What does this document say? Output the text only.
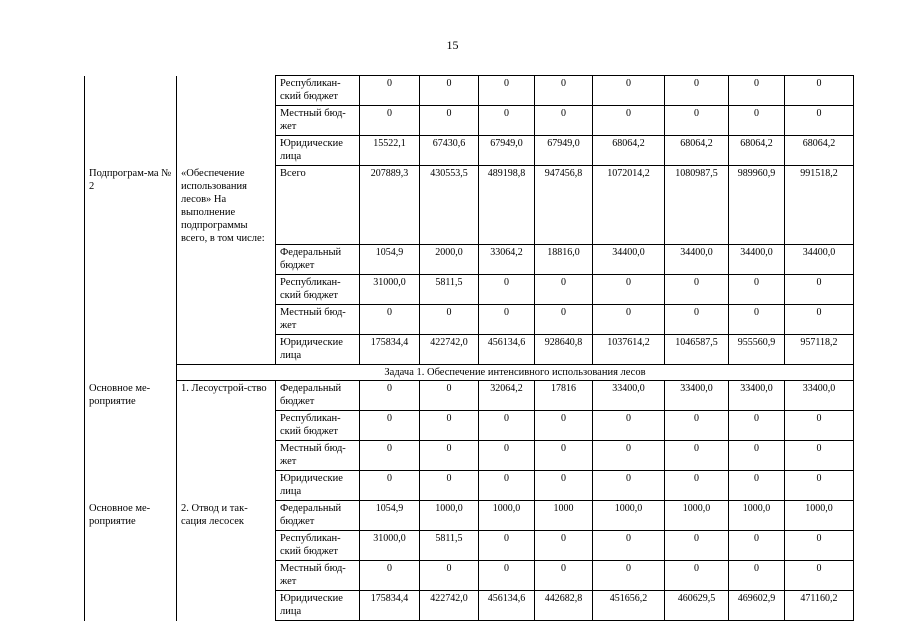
15
		Республикан-ский бюджет	0	0	0	0	0	0	0	0
		Местный бюд-жет	0	0	0	0	0	0	0	0
		Юридические лица	15522,1	67430,6	67949,0	67949,0	68064,2	68064,2	68064,2	68064,2
Подпрограм-ма № 2	«Обеспечение использования лесов» На выполнение подпрограммы всего, в том числе:	Всего	207889,3	430553,5	489198,8	947456,8	1072014,2	1080987,5	989960,9	991518,2
		Федеральный бюджет	1054,9	2000,0	33064,2	18816,0	34400,0	34400,0	34400,0	34400,0
		Республикан-ский бюджет	31000,0	5811,5	0	0	0	0	0	0
		Местный бюд-жет	0	0	0	0	0	0	0	0
		Юридические лица	175834,4	422742,0	456134,6	928640,8	1037614,2	1046587,5	955560,9	957118,2
	Задача 1. Обеспечение интенсивного использования лесов									
Основное ме-роприятие	1. Лесоустрой-ство	Федеральный бюджет	0	0	32064,2	17816	33400,0	33400,0	33400,0	33400,0
		Республикан-ский бюджет	0	0	0	0	0	0	0	0
		Местный бюд-жет	0	0	0	0	0	0	0	0
		Юридические лица	0	0	0	0	0	0	0	0
Основное ме-роприятие	2. Отвод и так-сация лесосек	Федеральный бюджет	1054,9	1000,0	1000,0	1000	1000,0	1000,0	1000,0	1000,0
		Республикан-ский бюджет	31000,0	5811,5	0	0	0	0	0	0
		Местный бюд-жет	0	0	0	0	0	0	0	0
		Юридические лица	175834,4	422742,0	456134,6	442682,8	451656,2	460629,5	469602,9	471160,2
